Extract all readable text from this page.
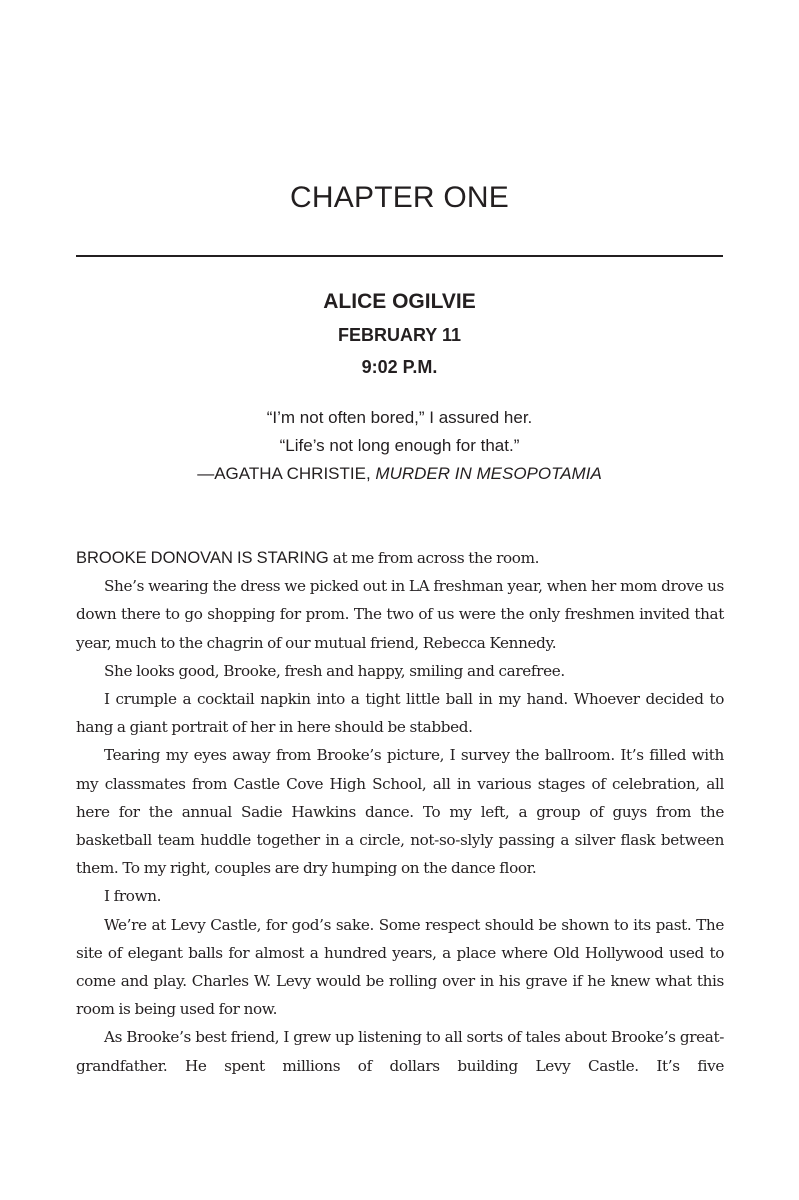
CHAPTER ONE
ALICE OGILVIE
FEBRUARY 11
9:02 P.M.
“I’m not often bored,” I assured her.
“Life’s not long enough for that.”
—AGATHA CHRISTIE, MURDER IN MESOPOTAMIA

BROOKE DONOVAN IS STARING at me from across the room.

She’s wearing the dress we picked out in LA freshman year, when her mom drove us down there to go shopping for prom. The two of us were the only freshmen invited that year, much to the chagrin of our mutual friend, Rebecca Kennedy.

She looks good, Brooke, fresh and happy, smiling and carefree.

I crumple a cocktail napkin into a tight little ball in my hand. Whoever decided to hang a giant portrait of her in here should be stabbed.

Tearing my eyes away from Brooke’s picture, I survey the ballroom. It’s filled with my classmates from Castle Cove High School, all in various stages of celebration, all here for the annual Sadie Hawkins dance. To my left, a group of guys from the basketball team huddle together in a circle, not-so-slyly passing a silver flask between them. To my right, couples are dry humping on the dance floor.

I frown.

We’re at Levy Castle, for god’s sake. Some respect should be shown to its past. The site of elegant balls for almost a hundred years, a place where Old Hollywood used to come and play. Charles W. Levy would be rolling over in his grave if he knew what this room is being used for now.

As Brooke’s best friend, I grew up listening to all sorts of tales about Brooke’s great-grandfather. He spent millions of dollars building Levy Castle. It’s five
